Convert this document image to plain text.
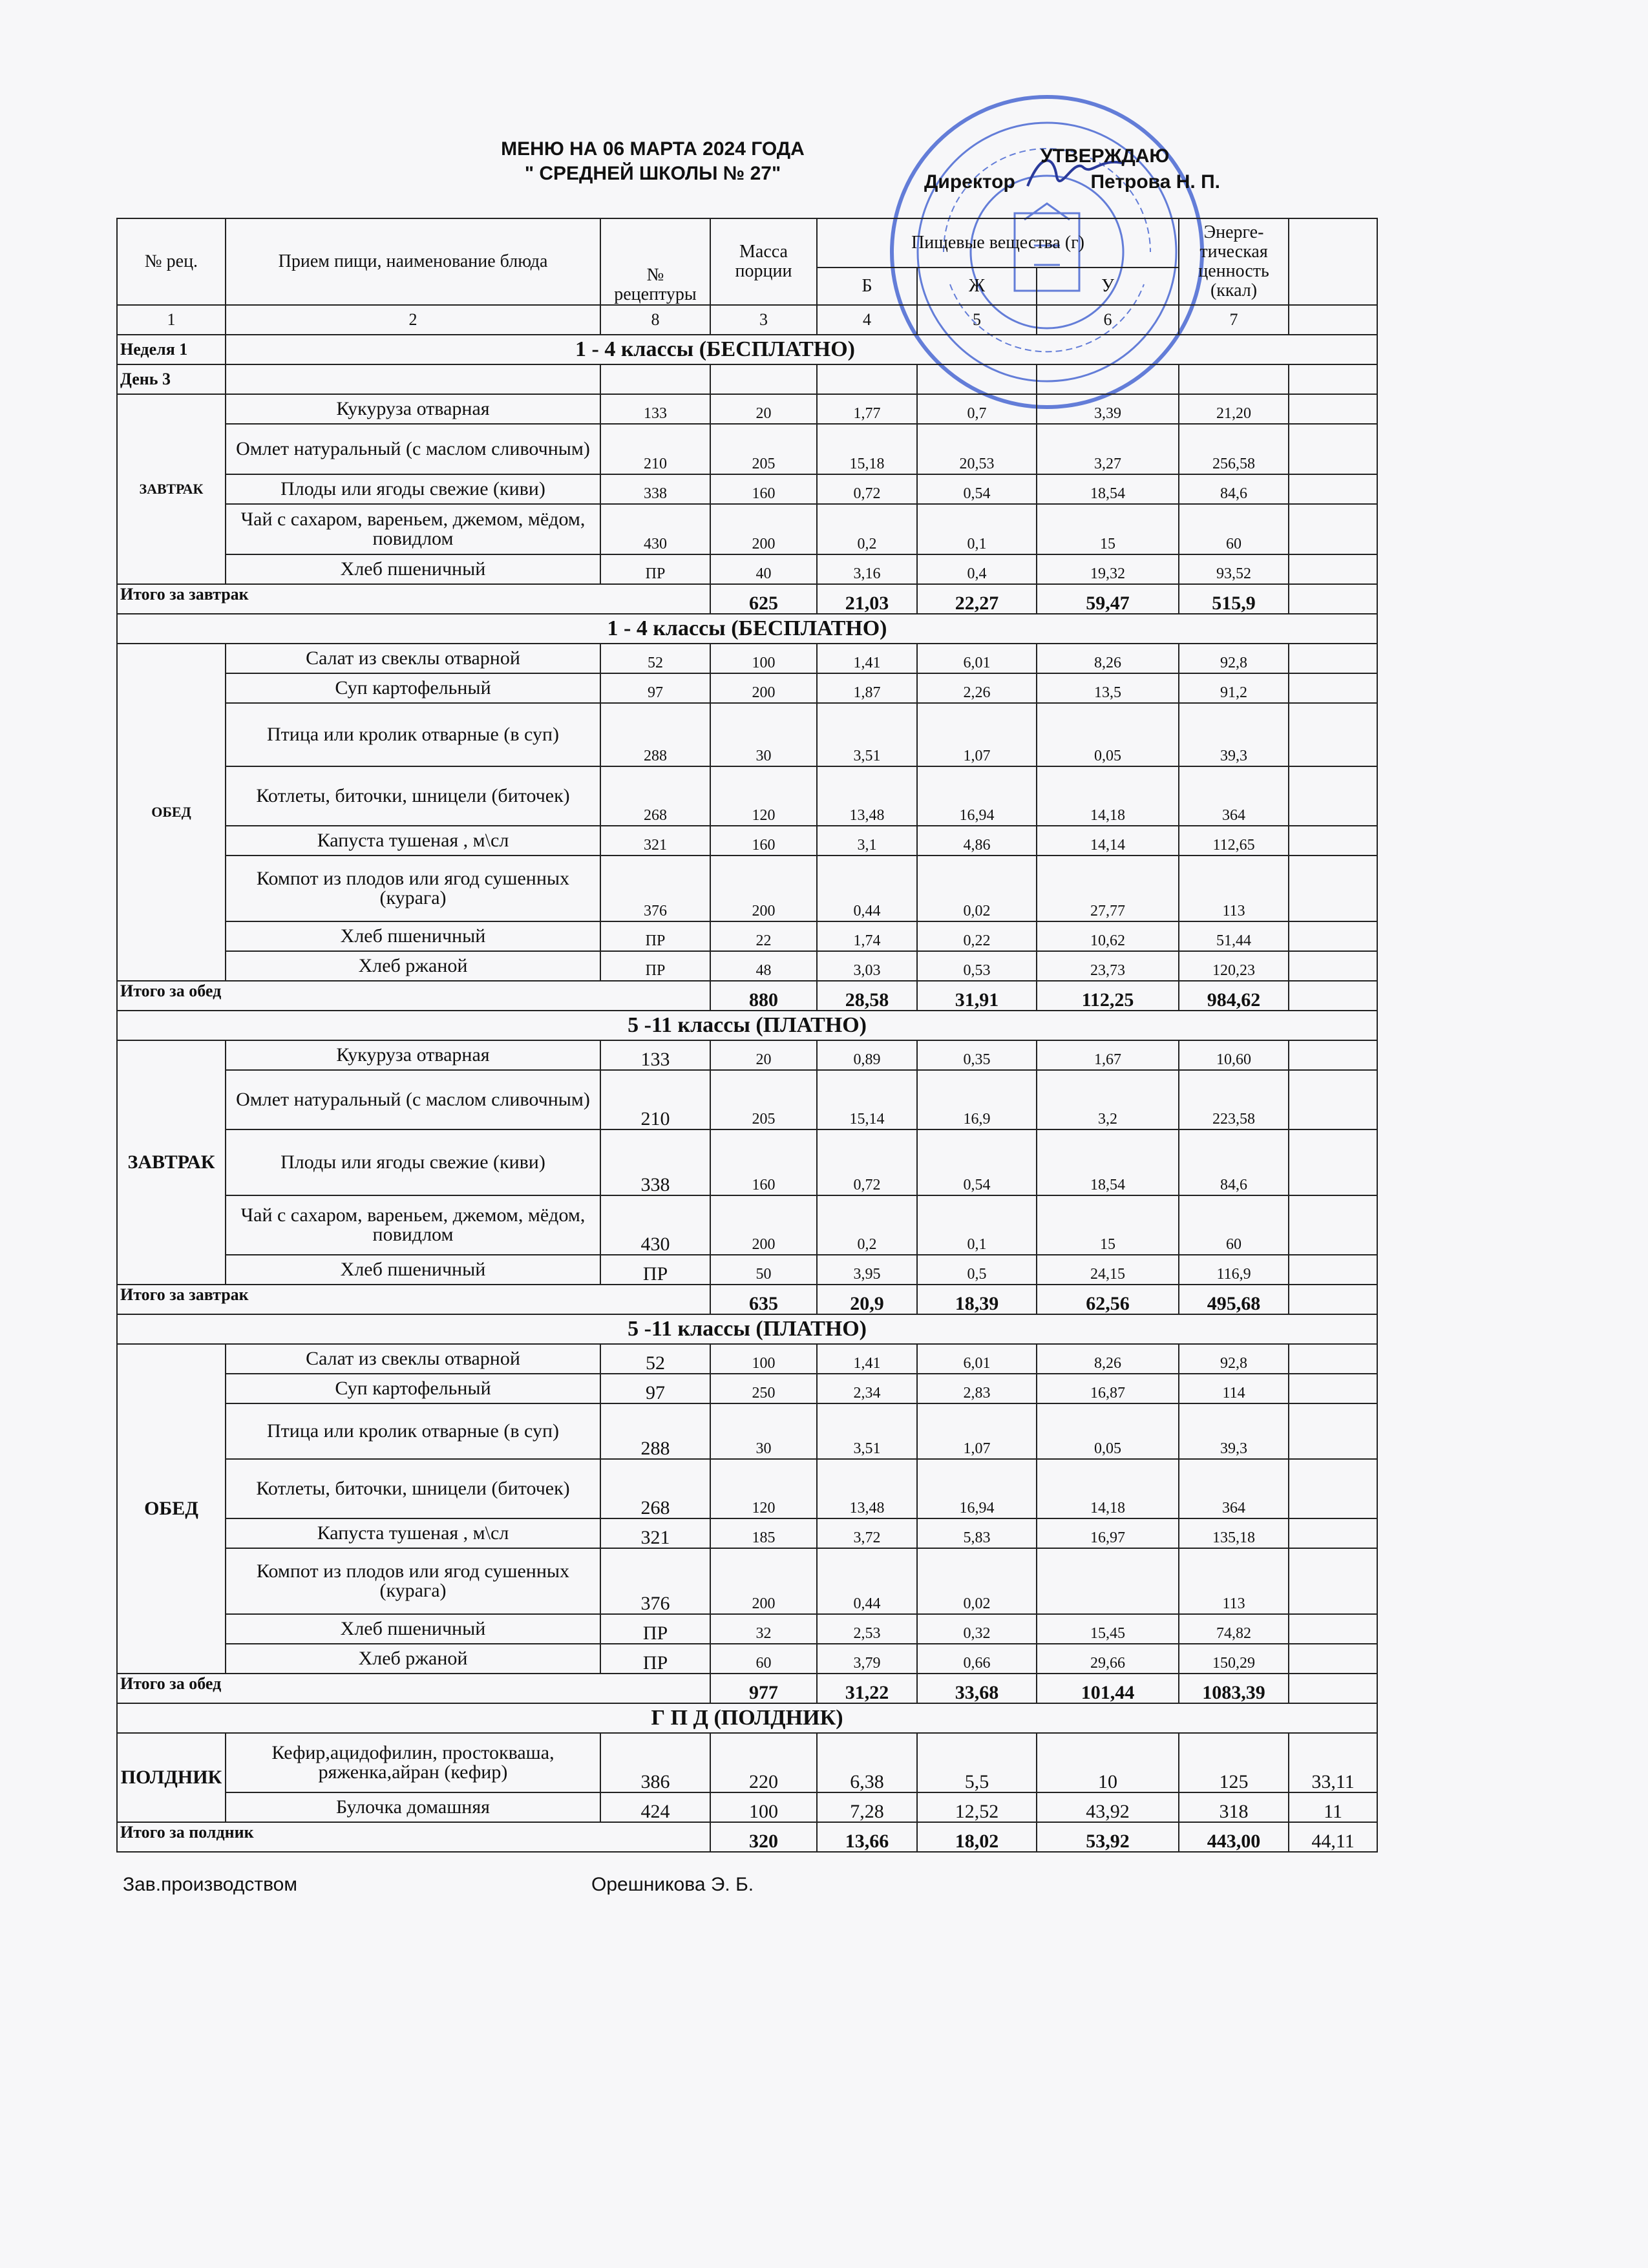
МЕНЮ НА 06 МАРТА 2024 ГОДА
" СРЕДНЕЙ ШКОЛЫ № 27"
УТВЕРЖДАЮ
Директор              Петрова Н. П.
№ рец.	Прием пищи, наименование блюда	№ рецептуры	Масса порции	Пищевые вещества (г)			Энерге-тическая ценность (ккал)	
				Б	Ж	У		
1	2	8	3	4	5	6	7	
Неделя 1	1 - 4 классы (БЕСПЛАТНО)							
День 3								
ЗАВТРАК	Кукуруза отварная	133	20	1,77	0,7	3,39	21,20	
	Омлет натуральный (с маслом сливочным)	210	205	15,18	20,53	3,27	256,58	
	Плоды или ягоды свежие (киви)	338	160	0,72	0,54	18,54	84,6	
	Чай с сахаром, вареньем, джемом, мёдом, повидлом	430	200	0,2	0,1	15	60	
	Хлеб пшеничный	ПР	40	3,16	0,4	19,32	93,52	
Итого за завтрак			625	21,03	22,27	59,47	515,9	
1 - 4 классы (БЕСПЛАТНО)								
ОБЕД	Салат из свеклы отварной	52	100	1,41	6,01	8,26	92,8	
	Суп картофельный	97	200	1,87	2,26	13,5	91,2	
	Птица или кролик отварные (в суп)	288	30	3,51	1,07	0,05	39,3	
	Котлеты, биточки, шницели (биточек)	268	120	13,48	16,94	14,18	364	
	Капуста тушеная , м\сл	321	160	3,1	4,86	14,14	112,65	
	Компот из плодов или ягод сушенных (курага)	376	200	0,44	0,02	27,77	113	
	Хлеб пшеничный	ПР	22	1,74	0,22	10,62	51,44	
	Хлеб ржаной	ПР	48	3,03	0,53	23,73	120,23	
Итого за обед			880	28,58	31,91	112,25	984,62	
5 -11 классы (ПЛАТНО)								
ЗАВТРАК	Кукуруза отварная	133	20	0,89	0,35	1,67	10,60	
	Омлет натуральный (с маслом сливочным)	210	205	15,14	16,9	3,2	223,58	
	Плоды или ягоды свежие (киви)	338	160	0,72	0,54	18,54	84,6	
	Чай с сахаром, вареньем, джемом, мёдом, повидлом	430	200	0,2	0,1	15	60	
	Хлеб пшеничный	ПР	50	3,95	0,5	24,15	116,9	
Итого за завтрак			635	20,9	18,39	62,56	495,68	
5 -11 классы (ПЛАТНО)								
ОБЕД	Салат из свеклы отварной	52	100	1,41	6,01	8,26	92,8	
	Суп картофельный	97	250	2,34	2,83	16,87	114	
	Птица или кролик отварные (в суп)	288	30	3,51	1,07	0,05	39,3	
	Котлеты, биточки, шницели (биточек)	268	120	13,48	16,94	14,18	364	
	Капуста тушеная , м\сл	321	185	3,72	5,83	16,97	135,18	
	Компот из плодов или ягод сушенных (курага)	376	200	0,44	0,02		113	
	Хлеб пшеничный	ПР	32	2,53	0,32	15,45	74,82	
	Хлеб ржаной	ПР	60	3,79	0,66	29,66	150,29	
Итого за обед			977	31,22	33,68	101,44	1083,39	
Г П Д (ПОЛДНИК)								
ПОЛДНИК	Кефир,ацидофилин, простокваша, ряженка,айран (кефир)	386	220	6,38	5,5	10	125	33,11
	Булочка домашняя	424	100	7,28	12,52	43,92	318	11
Итого за полдник			320	13,66	18,02	53,92	443,00	44,11
Зав.производством	Орешникова Э. Б.
